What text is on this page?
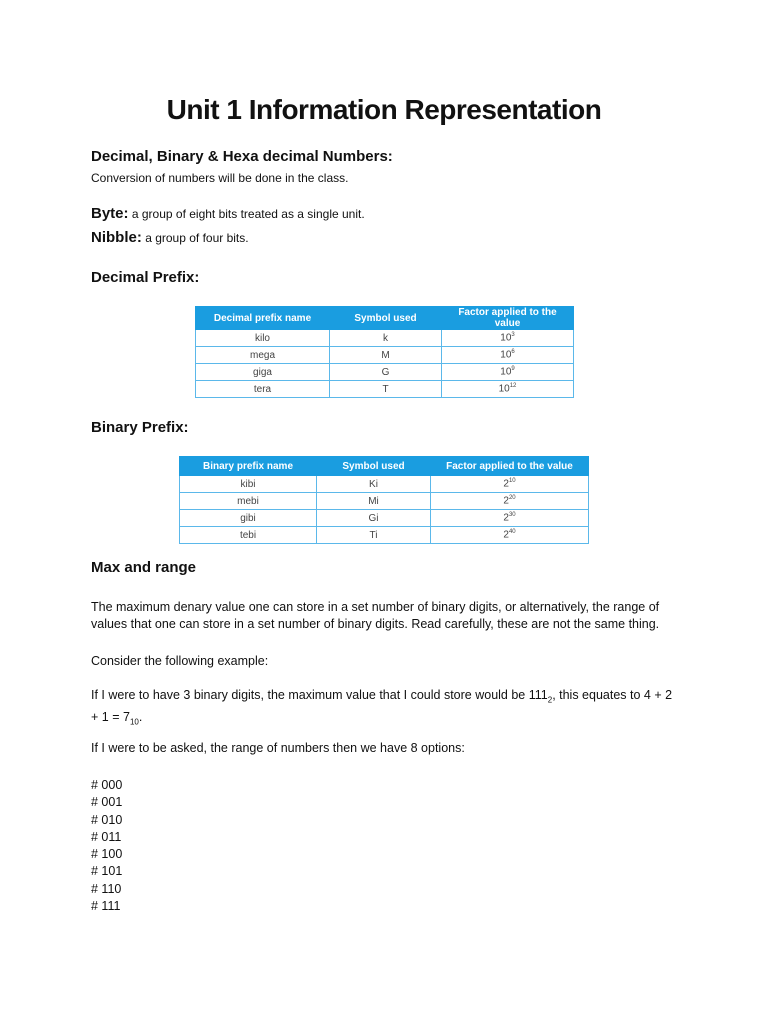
Unit 1 Information Representation
Decimal, Binary & Hexa decimal Numbers:

Conversion of numbers will be done in the class.

Byte: a group of eight bits treated as a single unit.

Nibble: a group of four bits.

Decimal Prefix:
Decimal prefix name	Symbol used	Factor applied to the value
kilo	k	$10^3$
mega	M	$10^6$
giga	G	$10^9$
tera	T	$10^{12}$
Binary Prefix:
Binary prefix name	Symbol used	Factor applied to the value
kibi	Ki	$2^{10}$
mebi	Mi	$2^{20}$
gibi	Gi	$2^{30}$
tebi	Ti	$2^{40}$
Max and range

The maximum denary value one can store in a set number of binary digits, or alternatively, the range of values that one can store in a set number of binary digits. Read carefully, these are not the same thing.

Consider the following example:

If I were to have 3 binary digits, the maximum value that I could store would be $111_2$, this equates to $4 + 2 + 1 = 7_{10}$.

If I were to be asked, the range of numbers then we have 8 options:

# 000
# 001
# 010
# 011
# 100
# 101
# 110
# 111
